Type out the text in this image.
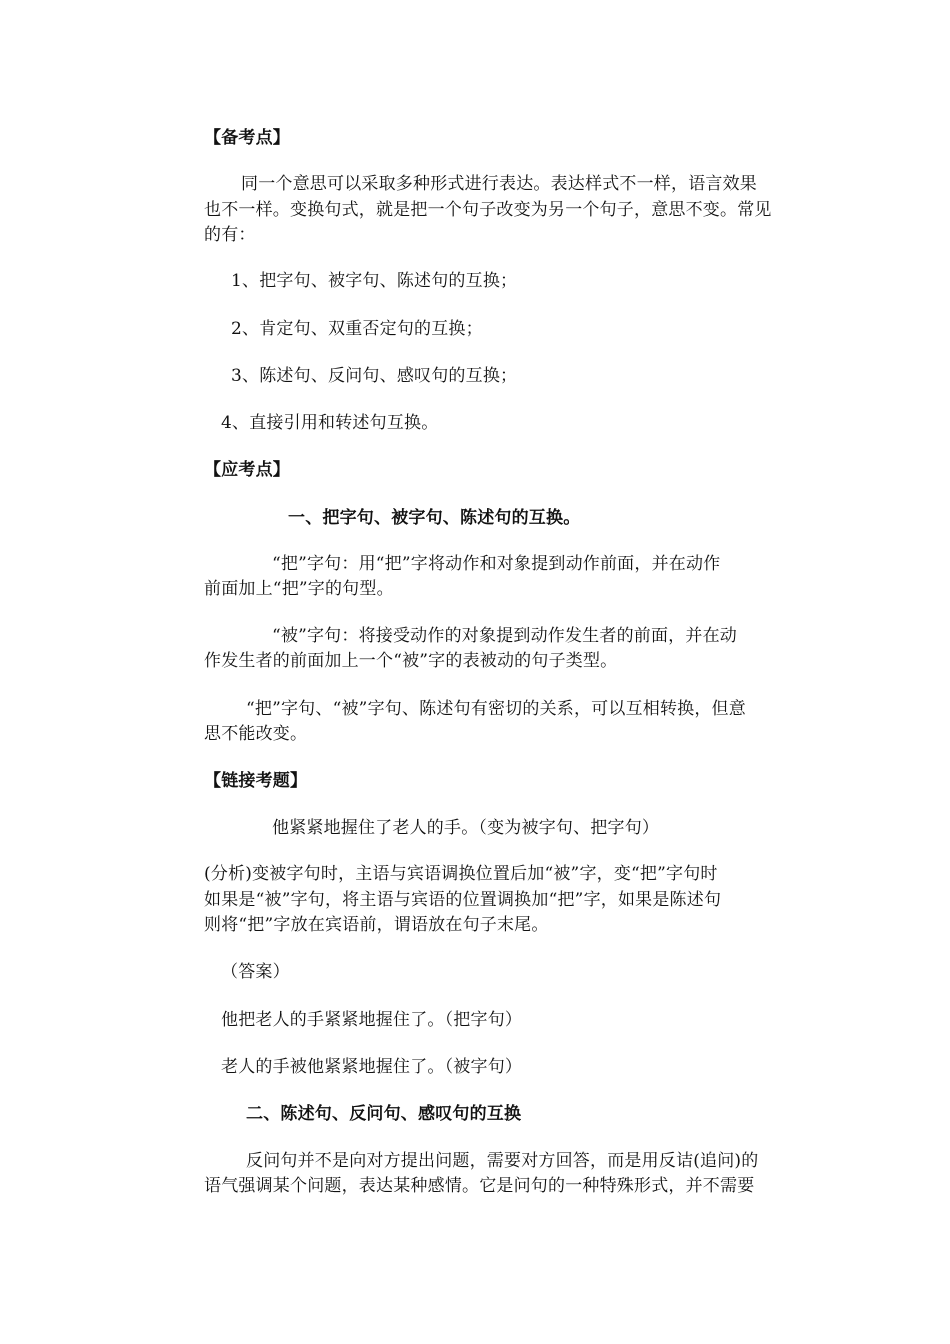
【备考点】
同一个意思可以采取多种形式进行表达。表达样式不一样，语言效果
也不一样。变换句式，就是把一个句子改变为另一个句子，意思不变。常见
的有：
1、把字句、被字句、陈述句的互换；
2、肯定句、双重否定句的互换；
3、陈述句、反问句、感叹句的互换；
4、直接引用和转述句互换。
【应考点】
一、把字句、被字句、陈述句的互换。
“把”字句：用“把”字将动作和对象提到动作前面，并在动作
前面加上“把”字的句型。
“被”字句：将接受动作的对象提到动作发生者的前面，并在动
作发生者的前面加上一个“被”字的表被动的句子类型。
“把”字句、“被”字句、陈述句有密切的关系，可以互相转换，但意
思不能改变。
【链接考题】
他紧紧地握住了老人的手。（变为被字句、把字句）
(分析)变被字句时，主语与宾语调换位置后加“被”字，变“把”字句时
如果是“被”字句，将主语与宾语的位置调换加“把”字，如果是陈述句
则将“把”字放在宾语前，谓语放在句子末尾。
（答案）
他把老人的手紧紧地握住了。（把字句）
老人的手被他紧紧地握住了。（被字句）
二、陈述句、反问句、感叹句的互换
反问句并不是向对方提出问题，需要对方回答，而是用反诘(追问)的
语气强调某个问题，表达某种感情。它是问句的一种特殊形式，并不需要
